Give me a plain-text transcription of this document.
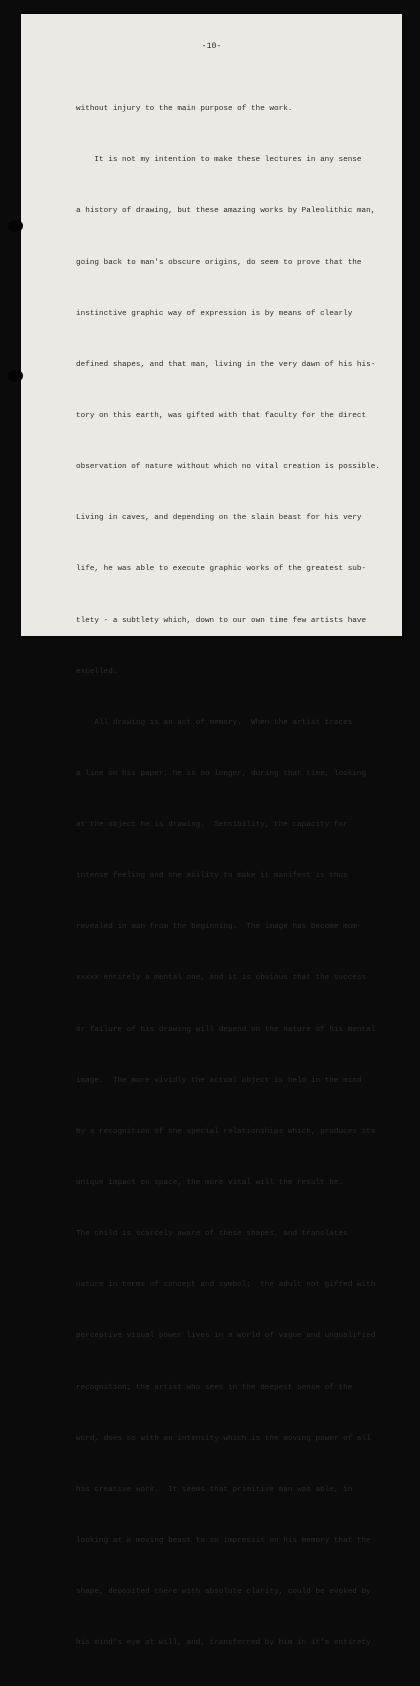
-10-

without injury to the main purpose of the work.

It is not my intention to make these lectures in any sense

a history of drawing, but these amazing works by Paleolithic man,

going back to man's obscure origins, do seem to prove that the

instinctive graphic way of expression is by means of clearly

defined shapes, and that man, living in the very dawn of his his-

tory on this earth, was gifted with that faculty for the direct

observation of nature without which no vital creation is possible.

Living in caves, and depending on the slain beast for his very

life, he was able to execute graphic works of the greatest sub-

tlety - a subtlety which, down to our own time few artists have

excelled.

All drawing is an act of memory.  When the artist traces

a line on his paper, he is no longer, during that time, looking

at the object he is drawing.  Sensibility, the capacity for

intense feeling and the ability to make it manifest is thus

revealed in man from the beginning.  The image has become mom-

xxxxx entirely a mental one, and it is obvious that the success

or failure of his drawing will depend on the nature of his mental

image.  The more vividly the actual object is held in the mind

by a recognition of the special relationships which, produces its

unique impact on space, the more vital will the result be.

The child is scarcely aware of these shapes, and translates

nature in terms of concept and symbol;  the adult not gifted with

perceptive visual power lives in a world of vague and unqualified

recognition; the artist who sees in the deepest sense of the

word, does so with an intensity which is the moving power of all

his creative work.  It seems that primitive man was able, in

looking at a moving beast to so impressit on his memory that the

shape, deposited there with absolute clarity, could be evoked by

his mind's eye at will, and, transferred by him in it's entirety
